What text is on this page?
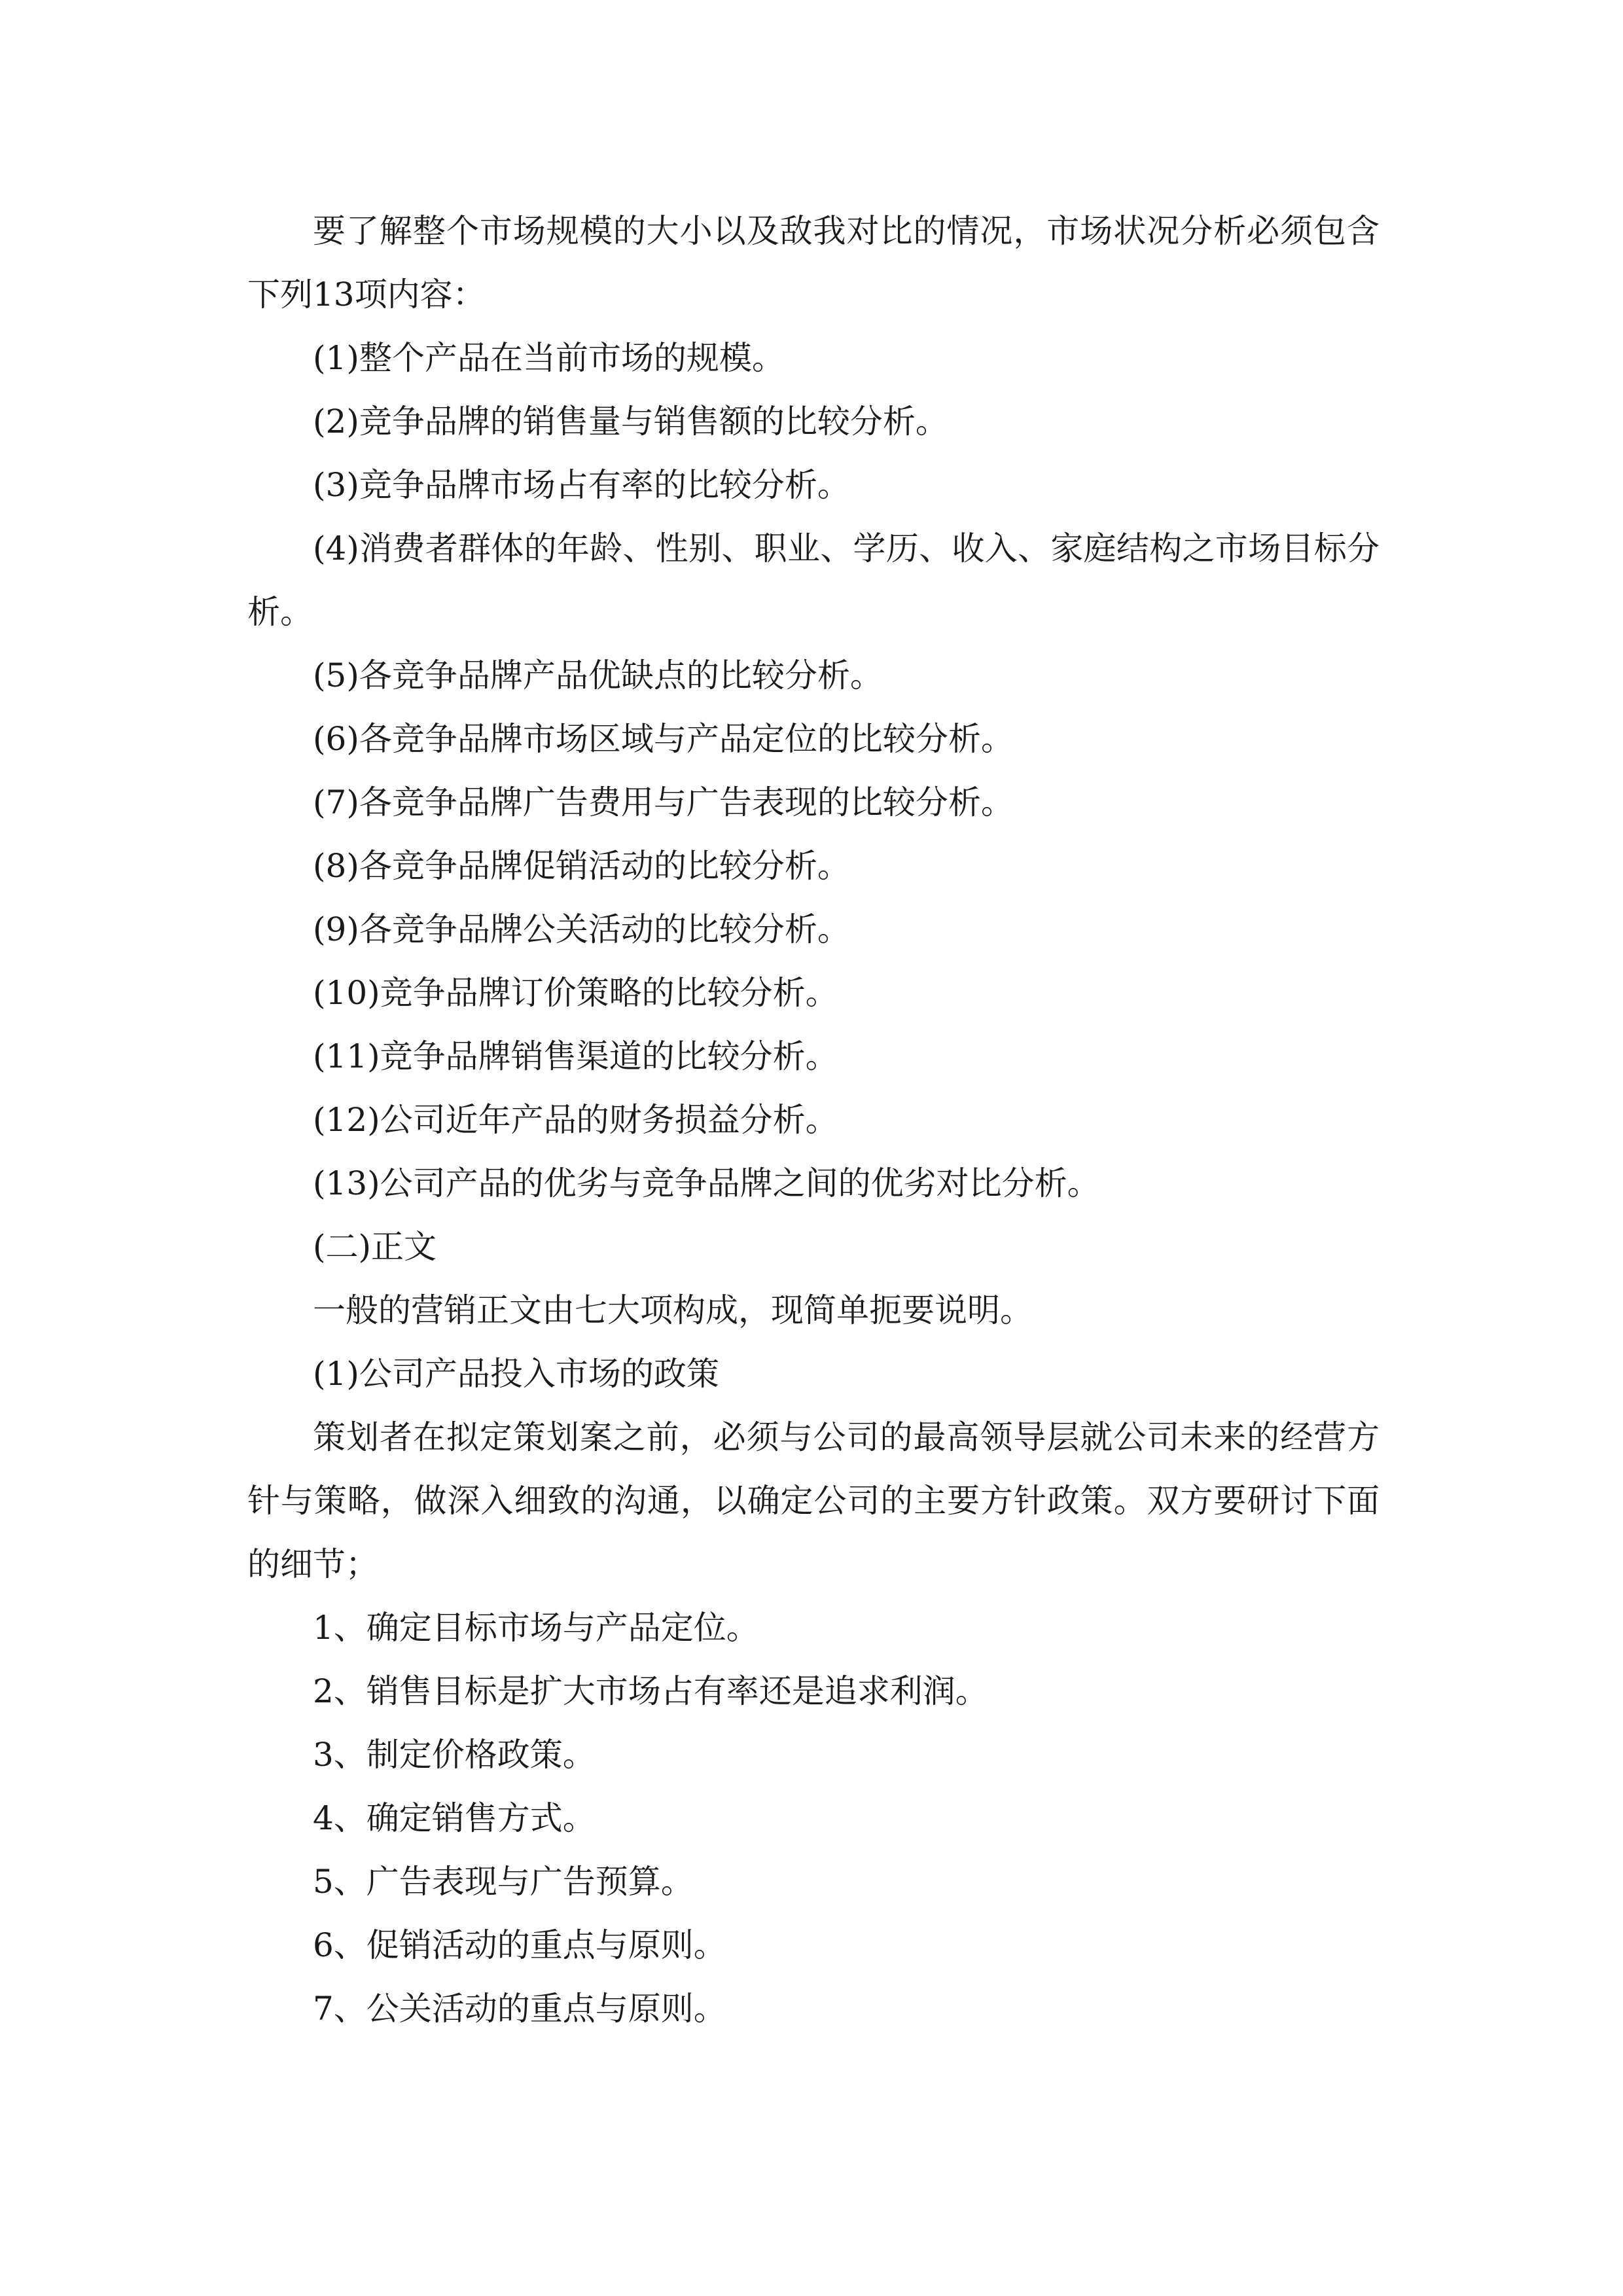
要了解整个市场规模的大小以及敌我对比的情况，市场状况分析必须包含下列13项内容：

(1)整个产品在当前市场的规模。

(2)竞争品牌的销售量与销售额的比较分析。

(3)竞争品牌市场占有率的比较分析。

(4)消费者群体的年龄、性别、职业、学历、收入、家庭结构之市场目标分析。

(5)各竞争品牌产品优缺点的比较分析。

(6)各竞争品牌市场区域与产品定位的比较分析。

(7)各竞争品牌广告费用与广告表现的比较分析。

(8)各竞争品牌促销活动的比较分析。

(9)各竞争品牌公关活动的比较分析。

(10)竞争品牌订价策略的比较分析。

(11)竞争品牌销售渠道的比较分析。

(12)公司近年产品的财务损益分析。

(13)公司产品的优劣与竞争品牌之间的优劣对比分析。

(二)正文

一般的营销正文由七大项构成，现简单扼要说明。

(1)公司产品投入市场的政策

策划者在拟定策划案之前，必须与公司的最高领导层就公司未来的经营方针与策略，做深入细致的沟通，以确定公司的主要方针政策。双方要研讨下面的细节；

1、确定目标市场与产品定位。

2、销售目标是扩大市场占有率还是追求利润。

3、制定价格政策。

4、确定销售方式。

5、广告表现与广告预算。

6、促销活动的重点与原则。

7、公关活动的重点与原则。
